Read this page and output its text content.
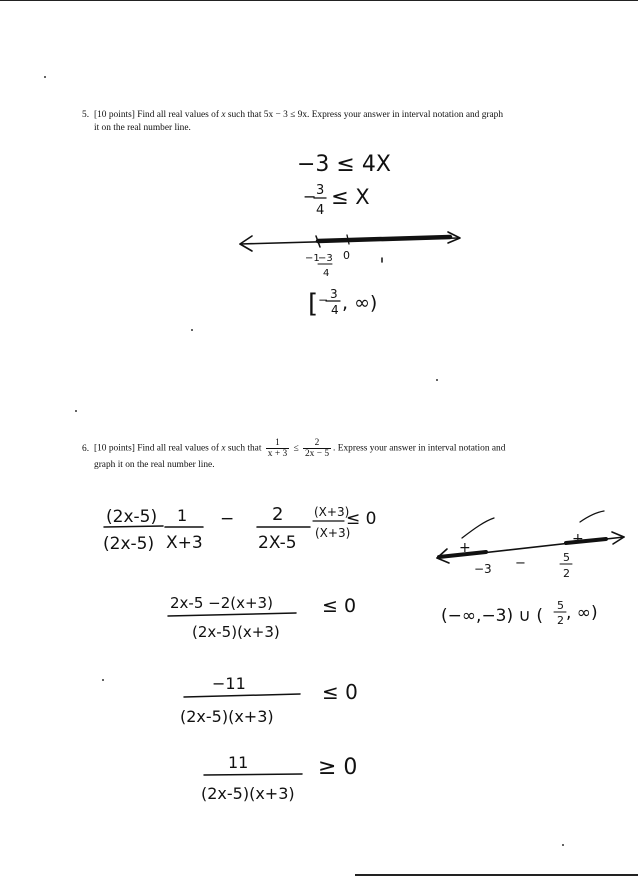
5. [10 points] Find all real values of x such that 5x − 3 ≤ 9x. Express your answer in interval notation and graph
it on the real number line.
6. [10 points] Find all real values of x such that $\frac{1}{x + 3} \le \frac{2}{2x - 5}$ . Express your answer in interval notation and
graph it on the real number line.
−3 ≤ 4X
− 3
4
≤ X
−1
−3
4
0
[ − 3
4 , ∞)
(2x-5)
(2x-5)
1
X+3
− 2
2X-5
(X+3)
(X+3)
≤ 0
2x-5 −2(x+3)
(2x-5)(x+3)
≤ 0
−11
(2x-5)(x+3)
≤ 0
11
(2x-5)(x+3)
≥ 0
+
−
+
−3
5
2
(−∞,−3) ∪ (
5
2 , ∞)
